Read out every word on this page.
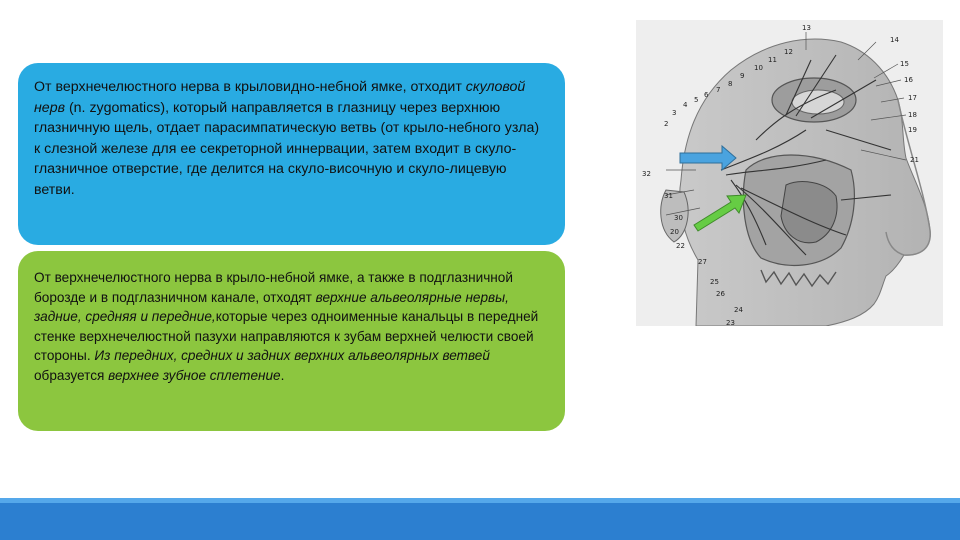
От верхнечелюстного нерва в крыловидно-небной ямке, отходит скуловой нерв (n. zygomatics), который направляется в глазницу через верхнюю глазничную щель, отдает парасимпатическую ветвь (от крыло-небного узла) к слезной железе для ее секреторной иннервации, затем входит в скуло-глазничное отверстие, где делится на скуло-височную и скуло-лицевую ветви.

От верхнечелюстного нерва в крыло-небной ямке, а также в подглазничной борозде и в подглазничном канале, отходят верхние альвеолярные нервы, задние, средняя и передние,которые через одноименные канальцы в передней стенке верхнечелюстной пазухи направляются к зубам верхней челюсти своей стороны. Из передних, средних и задних верхних альвеолярных ветвей образуется верхнее зубное сплетение.

2
3
4
5
6
7
8
9
10
11
12
13
14
15
16
17
18
19
20
21
22
23
24
25
26
27
30
31
32
